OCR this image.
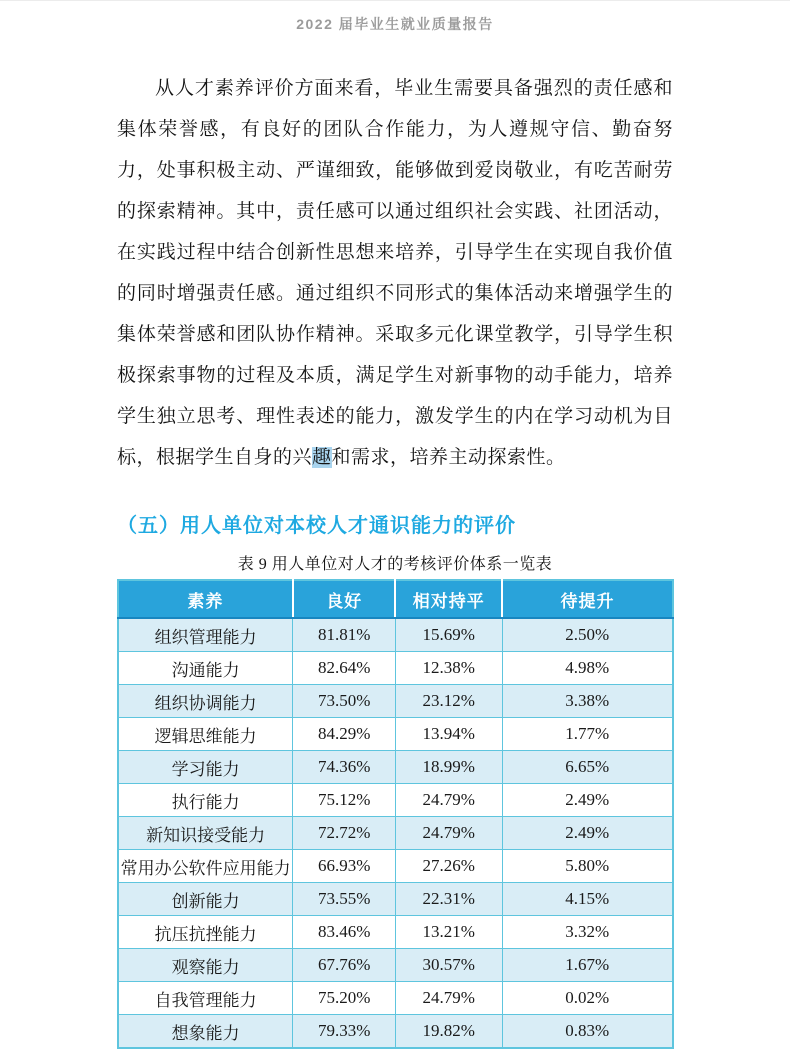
2022 届毕业生就业质量报告

从人才素养评价方面来看，毕业生需要具备强烈的责任感和集体荣誉感，有良好的团队合作能力，为人遵规守信、勤奋努力，处事积极主动、严谨细致，能够做到爱岗敬业，有吃苦耐劳的探索精神。其中，责任感可以通过组织社会实践、社团活动，在实践过程中结合创新性思想来培养，引导学生在实现自我价值的同时增强责任感。通过组织不同形式的集体活动来增强学生的集体荣誉感和团队协作精神。采取多元化课堂教学，引导学生积极探索事物的过程及本质，满足学生对新事物的动手能力，培养学生独立思考、理性表述的能力，激发学生的内在学习动机为目标，根据学生自身的兴趣和需求，培养主动探索性。

（五）用人单位对本校人才通识能力的评价
表 9 用人单位对人才的考核评价体系一览表
素养	良好	相对持平	待提升
组织管理能力	81.81%	15.69%	2.50%
沟通能力	82.64%	12.38%	4.98%
组织协调能力	73.50%	23.12%	3.38%
逻辑思维能力	84.29%	13.94%	1.77%
学习能力	74.36%	18.99%	6.65%
执行能力	75.12%	24.79%	2.49%
新知识接受能力	72.72%	24.79%	2.49%
常用办公软件应用能力	66.93%	27.26%	5.80%
创新能力	73.55%	22.31%	4.15%
抗压抗挫能力	83.46%	13.21%	3.32%
观察能力	67.76%	30.57%	1.67%
自我管理能力	75.20%	24.79%	0.02%
想象能力	79.33%	19.82%	0.83%
